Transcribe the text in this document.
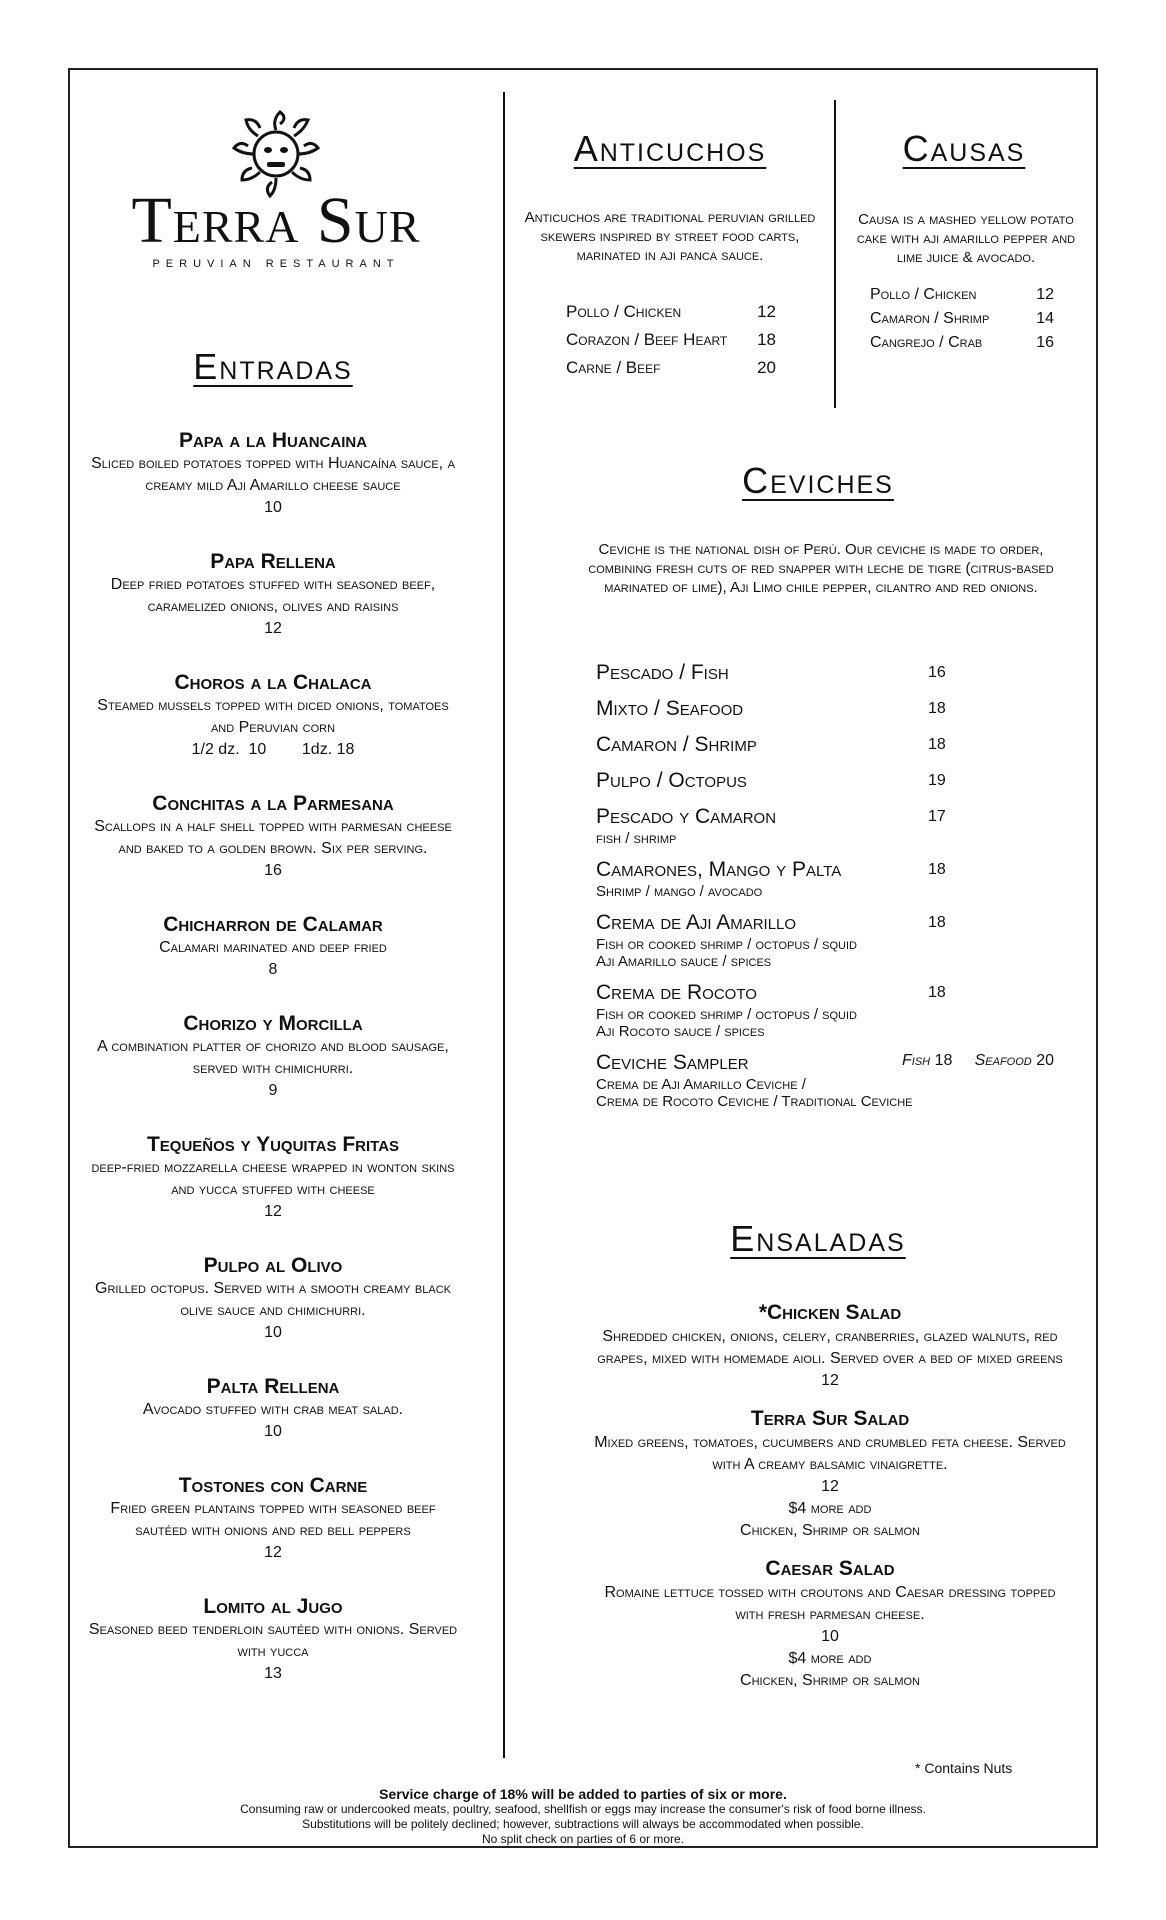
Terra Sur
PERUVIAN RESTAURANT
Entradas
Papa a la Huancaina
Sliced boiled potatoes topped with Huancaína sauce, a creamy mild Aji Amarillo cheese sauce
10
Papa Rellena
Deep fried potatoes stuffed with seasoned beef, caramelized onions, olives and raisins
12
Choros a la Chalaca
Steamed mussels topped with diced onions, tomatoes and Peruvian corn
1/2 dz.  10        1dz. 18
Conchitas a la Parmesana
Scallops in a half shell topped with parmesan cheese and baked to a golden brown. Six per serving.
16
Chicharron de Calamar
Calamari marinated and deep fried
8
Chorizo y Morcilla
A combination platter of chorizo and blood sausage, served with chimichurri.
9
Tequeños y Yuquitas Fritas
deep-fried mozzarella cheese wrapped in wonton skins and yucca stuffed with cheese
12
Pulpo al Olivo
Grilled octopus. Served with a smooth creamy black olive sauce and chimichurri.
10
Palta Rellena
Avocado stuffed with crab meat salad.
10
Tostones con Carne
Fried green plantains topped with seasoned beef sautéed with onions and red bell peppers
12
Lomito al Jugo
Seasoned beed tenderloin sautéed with onions. Served with yucca
13
Anticuchos
Anticuchos are traditional peruvian grilled skewers inspired by street food carts, marinated in aji panca sauce.
Pollo / Chicken	12
Corazon / Beef Heart 18
Carne / Beef	20
Causas
Causa is a mashed yellow potato cake with aji amarillo pepper and lime juice & avocado.
Pollo / Chicken	12
Camaron / Shrimp	14
Cangrejo / Crab	16
Ceviches
Ceviche is the national dish of Perú. Our ceviche is made to order, combining fresh cuts of red snapper with leche de tigre (citrus-based marinated of lime), Aji Limo chile pepper, cilantro and red onions.
Pescado / Fish	16
Mixto / Seafood	18
Camaron / Shrimp	18
Pulpo / Octopus	19
Pescado y Camaron
fish / shrimp
17
Camarones, Mango y Palta
Shrimp / mango / avocado
18
Crema de Aji Amarillo
Fish or cooked shrimp / octopus / squid
Aji Amarillo sauce / spices
18
Crema de Rocoto
Fish or cooked shrimp / octopus / squid
Aji Rocoto sauce / spices
18
Ceviche Sampler
Crema de Aji Amarillo Ceviche /
Crema de Rocoto Ceviche / Traditional Ceviche
Fish 18 Seafood 20
Ensaladas
*Chicken Salad
Shredded chicken, onions, celery, cranberries, glazed walnuts, red grapes, mixed with homemade aioli. Served over a bed of mixed greens
12
Terra Sur Salad
Mixed greens, tomatoes, cucumbers and crumbled feta cheese. Served with A creamy balsamic vinaigrette.
12
$4 more add
Chicken, Shrimp or salmon
Caesar Salad
Romaine lettuce tossed with croutons and Caesar dressing topped with fresh parmesan cheese.
10
$4 more add
Chicken, Shrimp or salmon
* Contains Nuts
Service charge of 18% will be added to parties of six or more.
Consuming raw or undercooked meats, poultry, seafood, shellfish or eggs may increase the consumer's risk of food borne illness.
Substitutions will be politely declined; however, subtractions will always be accommodated when possible.
No split check on parties of 6 or more.
